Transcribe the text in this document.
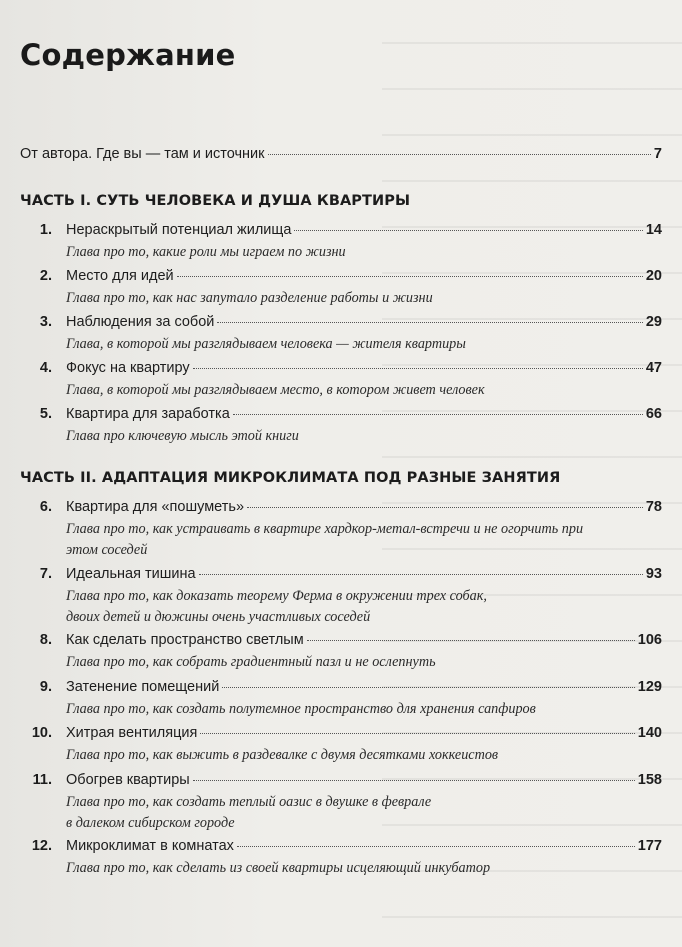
Содержание
От автора. Где вы — там и источник	7
ЧАСТЬ I. СУТЬ ЧЕЛОВЕКА И ДУША КВАРТИРЫ
ЧАСТЬ II. АДАПТАЦИЯ МИКРОКЛИМАТА ПОД РАЗНЫЕ ЗАНЯТИЯ
1. Нераскрытый потенциал жилища	14
Глава про то, какие роли мы играем по жизни
2. Место для идей	20
Глава про то, как нас запутало разделение работы и жизни
3. Наблюдения за собой	29
Глава, в которой мы разглядываем человека — жителя квартиры
4. Фокус на квартиру	47
Глава, в которой мы разглядываем место, в котором живет человек
5. Квартира для заработка	66
Глава про ключевую мысль этой книги
6. Квартира для «пошуметь»	78
Глава про то, как устраивать в квартире хардкор-метал-встречи и не огорчить при
этом соседей
7. Идеальная тишина	93
Глава про то, как доказать теорему Ферма в окружении трех собак,
двоих детей и дюжины очень участливых соседей
8. Как сделать пространство светлым	106
Глава про то, как собрать градиентный пазл и не ослепнуть
9. Затенение помещений	129
Глава про то, как создать полутемное пространство для хранения сапфиров
10. Хитрая вентиляция	140
Глава про то, как выжить в раздевалке с двумя десятками хоккеистов
11. Обогрев квартиры	158
Глава про то, как создать теплый оазис в двушке в феврале
в далеком сибирском городе
12. Микроклимат в комнатах	177
Глава про то, как сделать из своей квартиры исцеляющий инкубатор
